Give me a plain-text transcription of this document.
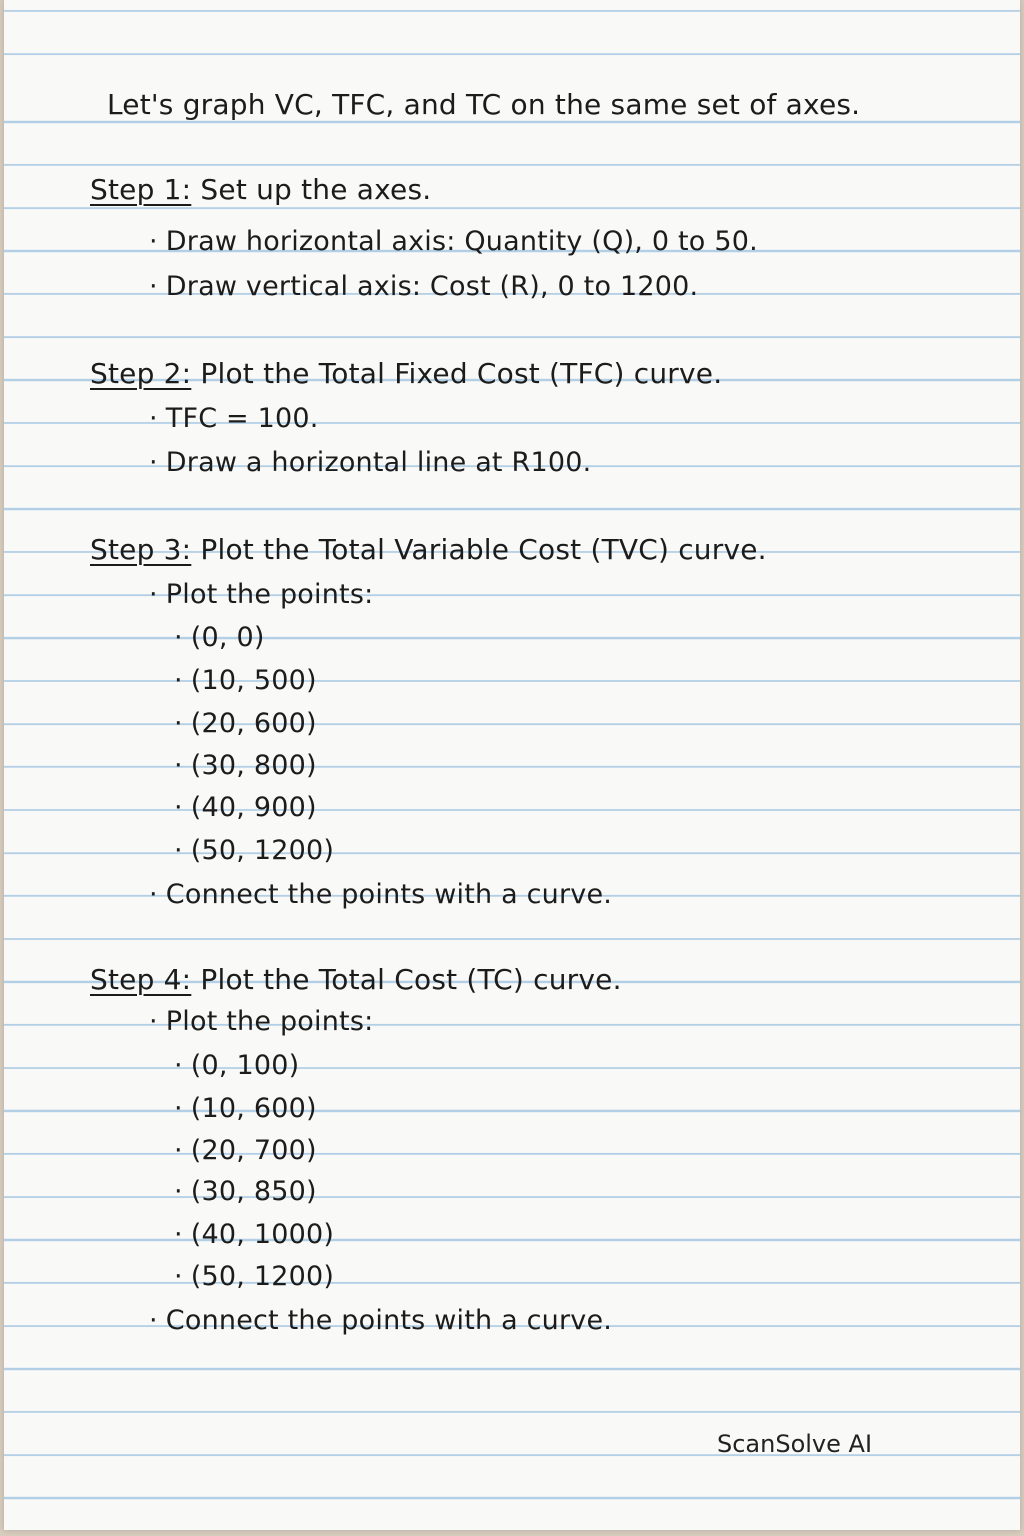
Let's graph VC, TFC, and TC on the same set of axes.
Step 1: Set up the axes.
· Draw horizontal axis: Quantity (Q), 0 to 50.
· Draw vertical axis: Cost (R), 0 to 1200.
Step 2: Plot the Total Fixed Cost (TFC) curve.
· TFC = 100.
· Draw a horizontal line at R100.
Step 3: Plot the Total Variable Cost (TVC) curve.
· Plot the points:
· (0, 0)
· (10, 500)
· (20, 600)
· (30, 800)
· (40, 900)
· (50, 1200)
· Connect the points with a curve.
Step 4: Plot the Total Cost (TC) curve.
· Plot the points:
· (0, 100)
· (10, 600)
· (20, 700)
· (30, 850)
· (40, 1000)
· (50, 1200)
· Connect the points with a curve.
ScanSolve AI
